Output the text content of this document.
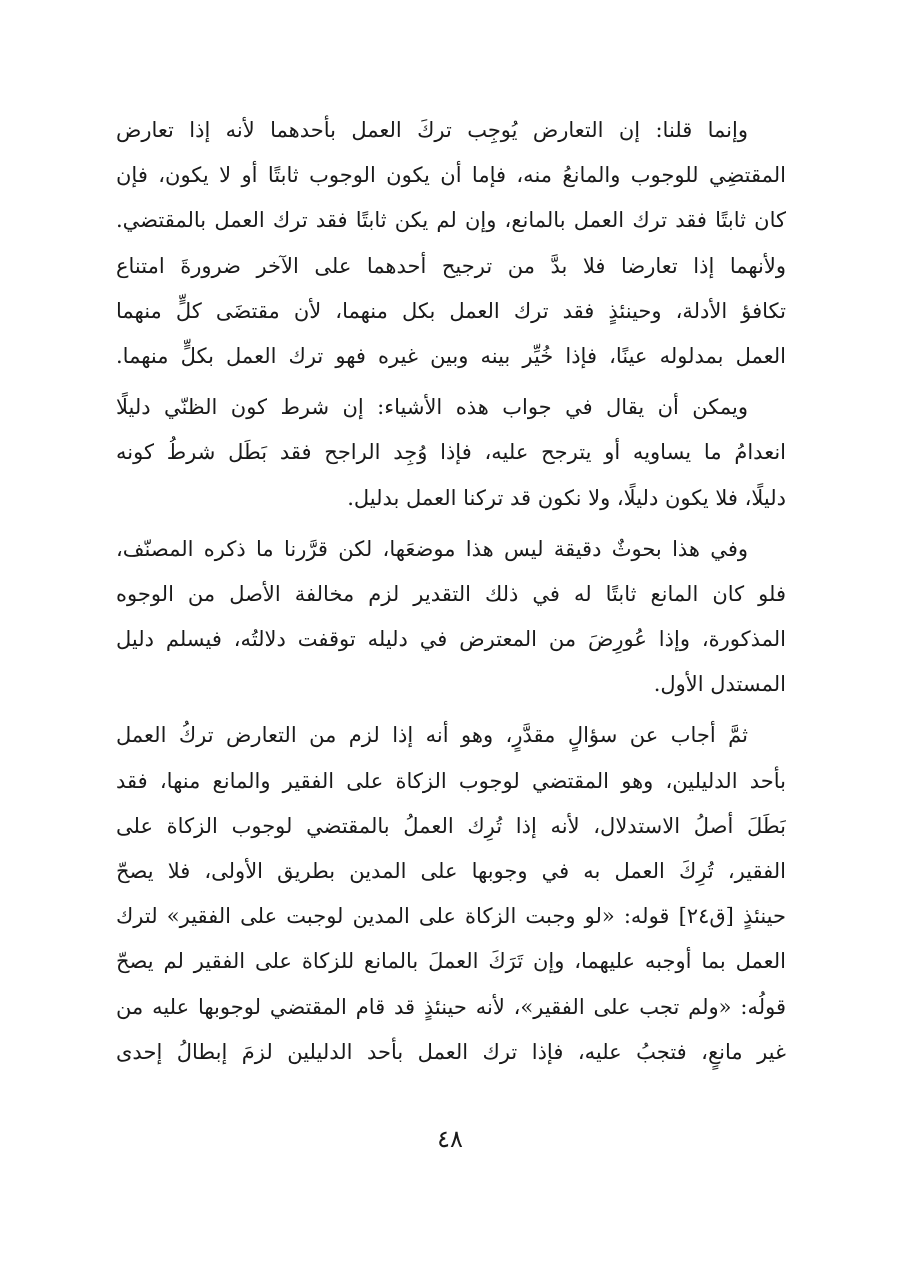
وإنما قلنا: إن التعارض يُوجِب تركَ العمل بأحدهما لأنه إذا تعارض
المقتضِي للوجوب والمانعُ منه، فإما أن يكون الوجوب ثابتًا أو لا يكون، فإن
كان ثابتًا فقد ترك العمل بالمانع، وإن لم يكن ثابتًا فقد ترك العمل بالمقتضي.
ولأنهما إذا تعارضا فلا بدَّ من ترجيح أحدهما على الآخر ضرورةَ امتناع
تكافؤ الأدلة، وحينئذٍ فقد ترك العمل بكل منهما، لأن مقتضَى كلٍّ منهما
العمل بمدلوله عينًا، فإذا خُيِّر بينه وبين غيره فهو ترك العمل بكلٍّ منهما.
ويمكن أن يقال في جواب هذه الأشياء: إن شرط كون الظنّي دليلًا
انعدامُ ما يساويه أو يترجح عليه، فإذا وُجِد الراجح فقد بَطَل شرطُ كونه
دليلًا، فلا يكون دليلًا، ولا نكون قد تركنا العمل بدليل.
وفي هذا بحوثٌ دقيقة ليس هذا موضعَها، لكن قرَّرنا ما ذكره المصنّف،
فلو كان المانع ثابتًا له في ذلك التقدير لزم مخالفة الأصل من الوجوه
المذكورة، وإذا عُورِضَ من المعترض في دليله توقفت دلالتُه، فيسلم دليل
المستدل الأول.
ثمَّ أجاب عن سؤالٍ مقدَّرٍ، وهو أنه إذا لزم من التعارض تركُ العمل
بأحد الدليلين، وهو المقتضي لوجوب الزكاة على الفقير والمانع منها، فقد
بَطَلَ أصلُ الاستدلال، لأنه إذا تُرِك العملُ بالمقتضي لوجوب الزكاة على
الفقير، تُرِكَ العمل به في وجوبها على المدين بطريق الأولى، فلا يصحّ
حينئذٍ [ق٢٤] قوله: «لو وجبت الزكاة على المدين لوجبت على الفقير» لترك
العمل بما أوجبه عليهما، وإن تَرَكَ العملَ بالمانع للزكاة على الفقير لم يصحّ
قولُه: «ولم تجب على الفقير»، لأنه حينئذٍ قد قام المقتضي لوجوبها عليه من
غير مانعٍ، فتجبُ عليه، فإذا ترك العمل بأحد الدليلين لزمَ إبطالُ إحدى
٤٨
